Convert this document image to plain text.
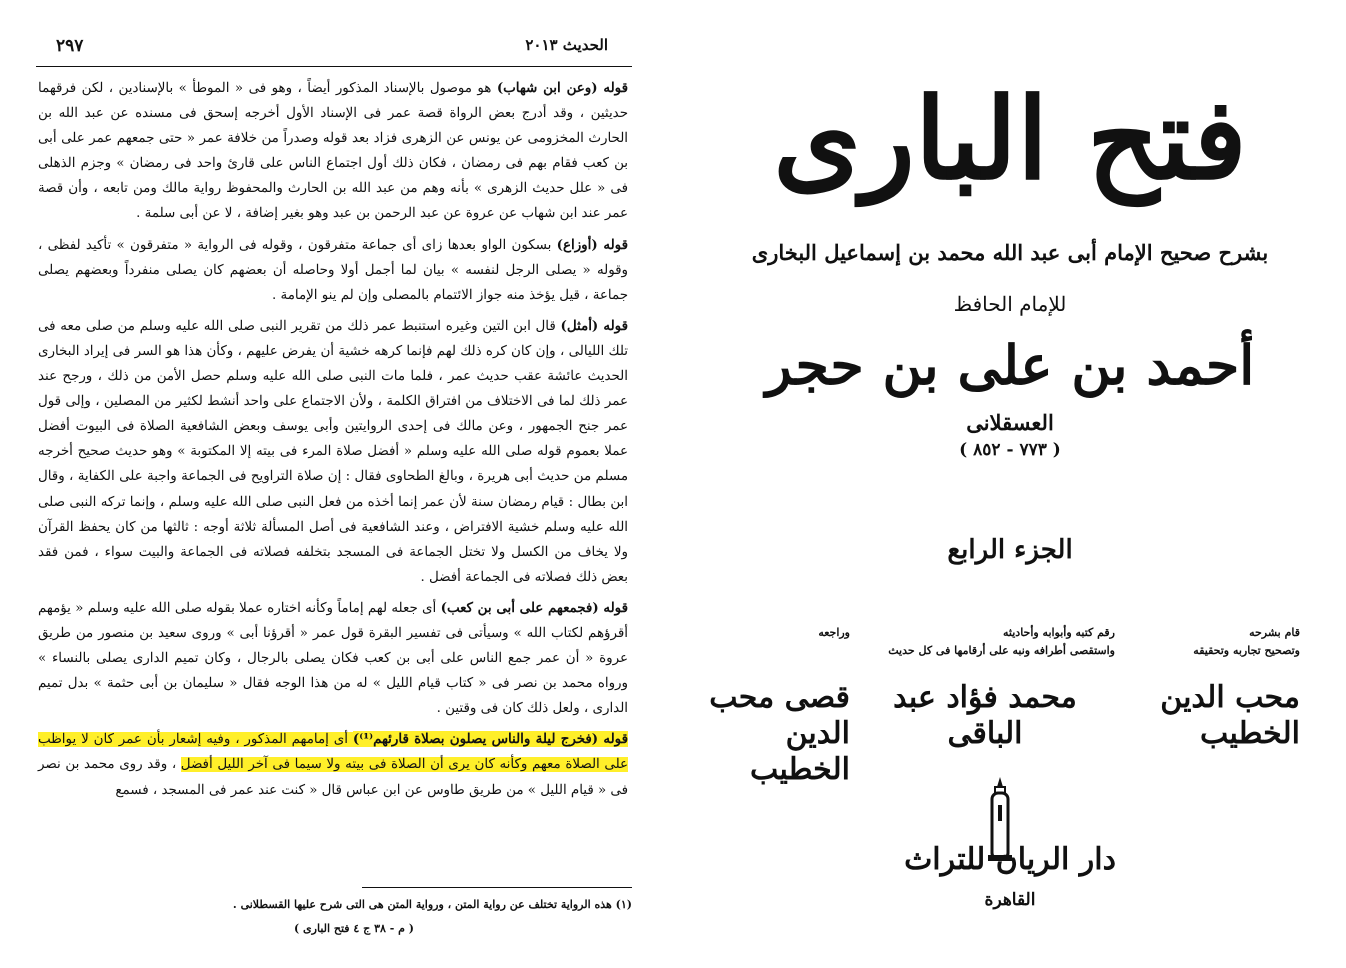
الحديث ٢٠١٣
٢٩٧

قوله (وعن ابن شهاب) هو موصول بالإسناد المذكور أيضاً ، وهو فى « الموطأ » بالإسنادين ، لكن فرقهما حديثين ، وقد أدرج بعض الرواة قصة عمر فى الإسناد الأول أخرجه إسحق فى مسنده عن عبد الله بن الحارث المخزومى عن يونس عن الزهرى فزاد بعد قوله وصدراً من خلافة عمر « حتى جمعهم عمر على أبى بن كعب فقام بهم فى رمضان ، فكان ذلك أول اجتماع الناس على قارئ واحد فى رمضان » وجزم الذهلى فى « علل حديث الزهرى » بأنه وهم من عبد الله بن الحارث والمحفوظ رواية مالك ومن تابعه ، وأن قصة عمر عند ابن شهاب عن عروة عن عبد الرحمن بن عبد وهو بغير إضافة ، لا عن أبى سلمة .

قوله (أوزاع) بسكون الواو بعدها زاى أى جماعة متفرقون ، وقوله فى الرواية « متفرقون » تأكيد لفظى ، وقوله « يصلى الرجل لنفسه » بيان لما أجمل أولا وحاصله أن بعضهم كان يصلى منفرداً وبعضهم يصلى جماعة ، قيل يؤخذ منه جواز الائتمام بالمصلى وإن لم ينو الإمامة .

قوله (أمثل) قال ابن التين وغيره استنبط عمر ذلك من تقرير النبى صلى الله عليه وسلم من صلى معه فى تلك الليالى ، وإن كان كره ذلك لهم فإنما كرهه خشية أن يفرض عليهم ، وكأن هذا هو السر فى إيراد البخارى الحديث عائشة عقب حديث عمر ، فلما مات النبى صلى الله عليه وسلم حصل الأمن من ذلك ، ورجح عند عمر ذلك لما فى الاختلاف من افتراق الكلمة ، ولأن الاجتماع على واحد أنشط لكثير من المصلين ، وإلى قول عمر جنح الجمهور ، وعن مالك فى إحدى الروايتين وأبى يوسف وبعض الشافعية الصلاة فى البيوت أفضل عملا بعموم قوله صلى الله عليه وسلم « أفضل صلاة المرء فى بيته إلا المكتوبة » وهو حديث صحيح أخرجه مسلم من حديث أبى هريرة ، وبالغ الطحاوى فقال : إن صلاة التراويح فى الجماعة واجبة على الكفاية ، وقال ابن بطال : قيام رمضان سنة لأن عمر إنما أخذه من فعل النبى صلى الله عليه وسلم ، وإنما تركه النبى صلى الله عليه وسلم خشية الافتراض ، وعند الشافعية فى أصل المسألة ثلاثة أوجه : ثالثها من كان يحفظ القرآن ولا يخاف من الكسل ولا تختل الجماعة فى المسجد بتخلفه فصلاته فى الجماعة والبيت سواء ، فمن فقد بعض ذلك فصلاته فى الجماعة أفضل .

قوله (فجمعهم على أبى بن كعب) أى جعله لهم إماماً وكأنه اختاره عملا بقوله صلى الله عليه وسلم « يؤمهم أقرؤهم لكتاب الله » وسيأتى فى تفسير البقرة قول عمر « أقرؤنا أبى » وروى سعيد بن منصور من طريق عروة « أن عمر جمع الناس على أبى بن كعب فكان يصلى بالرجال ، وكان تميم الدارى يصلى بالنساء » ورواه محمد بن نصر فى « كتاب قيام الليل » له من هذا الوجه فقال « سليمان بن أبى حثمة » بدل تميم الدارى ، ولعل ذلك كان فى وقتين .

قوله (فخرج ليلة والناس يصلون بصلاة قارئهم⁽¹⁾) أى إمامهم المذكور ، وفيه إشعار بأن عمر كان لا يواظب على الصلاة معهم وكأنه كان يرى أن الصلاة فى بيته ولا سيما فى آخر الليل أفضل ، وقد روى محمد بن نصر فى « قيام الليل » من طريق طاوس عن ابن عباس قال « كنت عند عمر فى المسجد ، فسمع

(١) هذه الرواية تختلف عن رواية المتن ، ورواية المتن هى التى شرح عليها القسطلانى .
( م - ٣٨ ج ٤ فتح البارى )
فتح البارى
بشرح صحيح الإمام أبى عبد الله محمد بن إسماعيل البخارى
للإمام الحافظ
أحمد بن على بن حجر
العسقلانى
( ٧٧٣ - ٨٥٢ )
الجزء الرابع
قام بشرحه
وتصحيح تجاربه وتحقيقه
محب الدين الخطيب
رقم كتبه وأبوابه وأحاديثه
واستقصى أطرافه ونبه على أرقامها فى كل حديث
محمد فؤاد عبد الباقى
وراجعه
قصى محب الدين الخطيب
دار الريان للتراث
القاهرة
